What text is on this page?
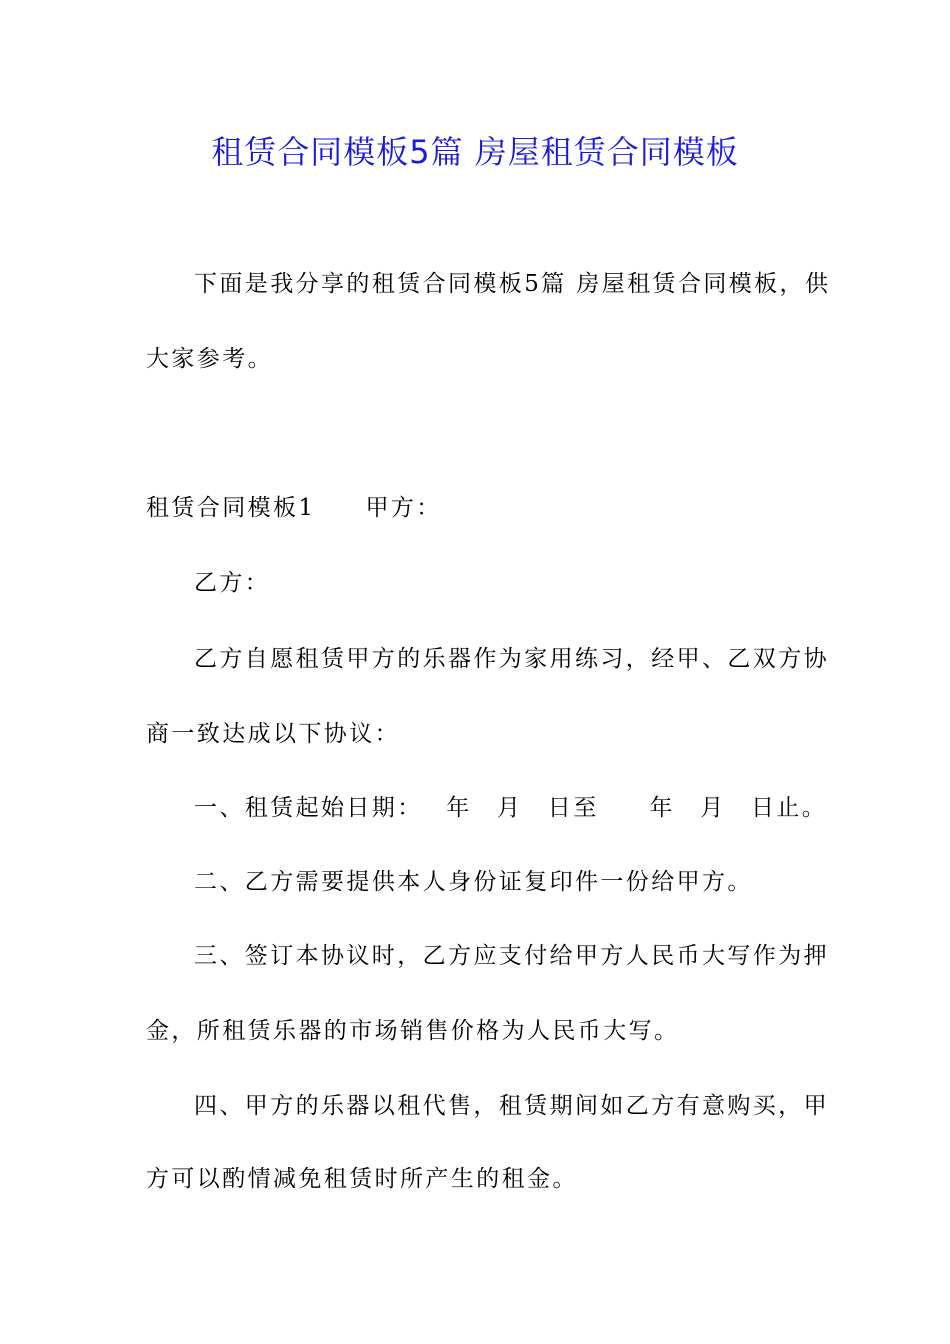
租赁合同模板5篇 房屋租赁合同模板
下面是我分享的租赁合同模板5篇 房屋租赁合同模板，供
大家参考。
租赁合同模板1 甲方：
乙方：
乙方自愿租赁甲方的乐器作为家用练习，经甲、乙双方协
商一致达成以下协议：
一、租赁起始日期：　 年　月　日至　　年　月　日止。
二、乙方需要提供本人身份证复印件一份给甲方。
三、签订本协议时，乙方应支付给甲方人民币大写作为押
金，所租赁乐器的市场销售价格为人民币大写。
四、甲方的乐器以租代售，租赁期间如乙方有意购买，甲
方可以酌情减免租赁时所产生的租金。
